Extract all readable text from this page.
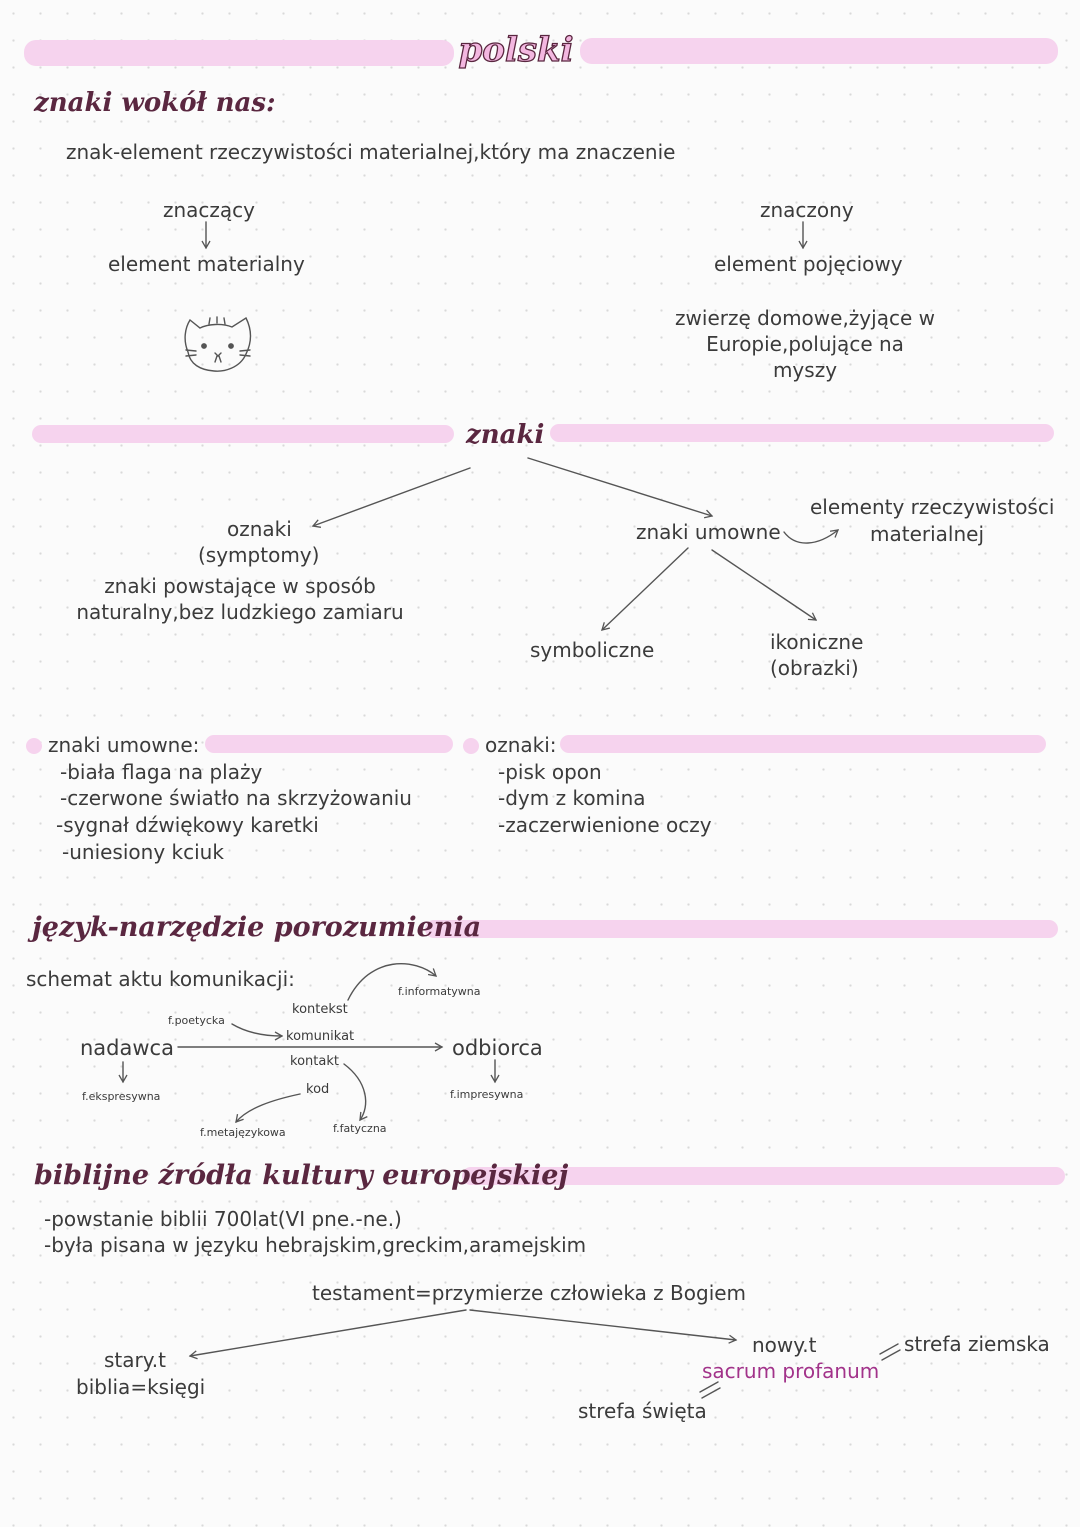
polski
znaki wokół nas:
znak-element rzeczywistości materialnej,który ma znaczenie
znaczący
element materialny
znaczony
element pojęciowy
zwierzę domowe,żyjące w
Europie,polujące na
myszy
znaki
oznaki
(symptomy)
znaki powstające w sposób
naturalny,bez ludzkiego zamiaru
znaki umowne
elementy rzeczywistości
materialnej
symboliczne	ikoniczne
(obrazki)
znaki umowne:
-biała flaga na plaży
-czerwone światło na skrzyżowaniu
-sygnał dźwiękowy karetki
-uniesiony kciuk
oznaki:
-pisk opon
-dym z komina
-zaczerwienione oczy
język-narzędzie porozumienia
schemat aktu komunikacji:
nadawca	odbiorca
kontekst
komunikat
kontakt
kod
f.informatywna
f.poetycka
f.ekspresywna	f.impresywna
f.metajęzykowa	f.fatyczna
biblijne źródła kultury europejskiej
-powstanie biblii 700lat(VI pne.-ne.)
-była pisana w języku hebrajskim,greckim,aramejskim
testament=przymierze człowieka z Bogiem
stary.t
biblia=księgi
nowy.t
sacrum profanum
strefa ziemska
strefa święta
